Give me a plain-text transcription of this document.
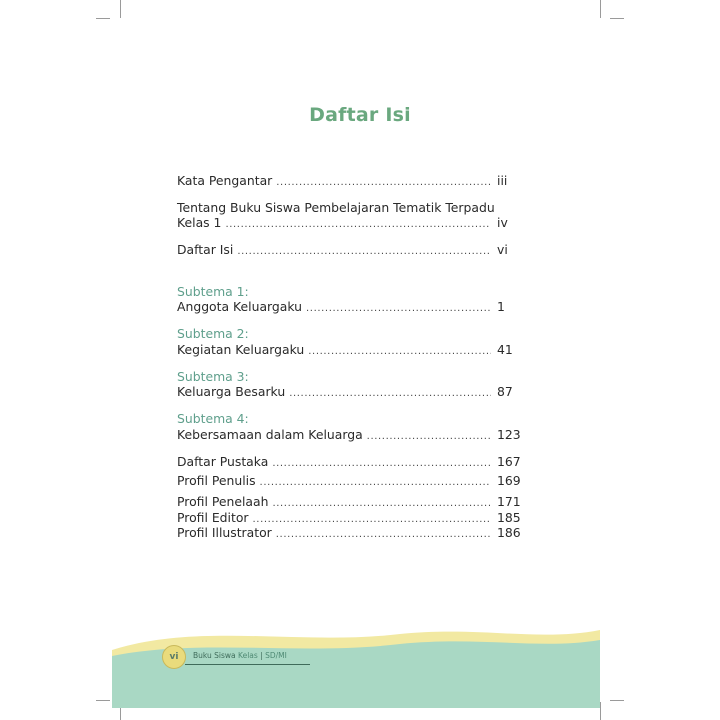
Daftar Isi
Kata Pengantar .....	iii
Tentang Buku Siswa Pembelajaran Tematik Terpadu
Kelas 1 .....	iv
Daftar Isi .....	vi
Subtema 1:
Anggota Keluargaku .....	1
Subtema 2:
Kegiatan Keluargaku .....	41
Subtema 3:
Keluarga Besarku .....	87
Subtema 4:
Kebersamaan dalam Keluarga .....	123
Daftar Pustaka .....	167
Profil Penulis .....	169
Profil Penelaah .....	171
Profil Editor .....	185
Profil Illustrator .....	186
vi	Buku Siswa Kelas | SD/MI
